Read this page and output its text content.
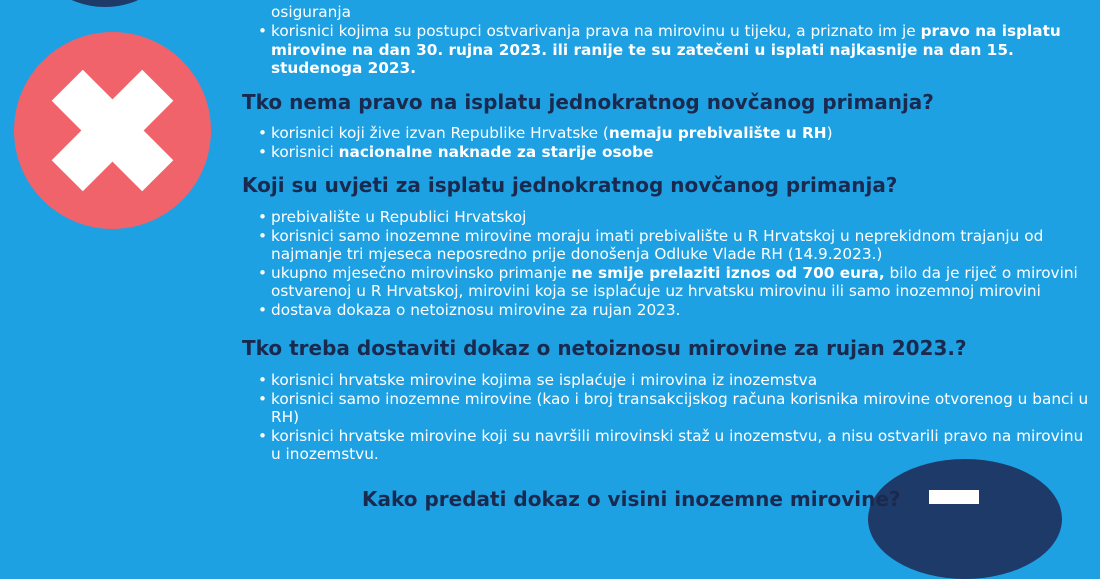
osiguranja
• korisnici kojima su postupci ostvarivanja prava na mirovinu u tijeku, a priznato im je pravo na isplatu mirovine na dan 30. rujna 2023. ili ranije te su zatečeni u isplati najkasnije na dan 15. studenoga 2023.
Tko nema pravo na isplatu jednokratnog novčanog primanja?
• korisnici koji žive izvan Republike Hrvatske (nemaju prebivalište u RH)
• korisnici nacionalne naknade za starije osobe
Koji su uvjeti za isplatu jednokratnog novčanog primanja?
• prebivalište u Republici Hrvatskoj
• korisnici samo inozemne mirovine moraju imati prebivalište u R Hrvatskoj u neprekidnom trajanju od najmanje tri mjeseca neposredno prije donošenja Odluke Vlade RH (14.9.2023.)
• ukupno mjesečno mirovinsko primanje ne smije prelaziti iznos od 700 eura, bilo da je riječ o mirovini ostvarenoj u R Hrvatskoj, mirovini koja se isplaćuje uz hrvatsku mirovinu ili samo inozemnoj mirovini
• dostava dokaza o netoiznosu mirovine za rujan 2023.
Tko treba dostaviti dokaz o netoiznosu mirovine za rujan 2023.?
• korisnici hrvatske mirovine kojima se isplaćuje i mirovina iz inozemstva
• korisnici samo inozemne mirovine (kao i broj transakcijskog računa korisnika mirovine otvorenog u banci u RH)
• korisnici hrvatske mirovine koji su navršili mirovinski staž u inozemstvu, a nisu ostvarili pravo na mirovinu u inozemstvu.
Kako predati dokaz o visini inozemne mirovine?
